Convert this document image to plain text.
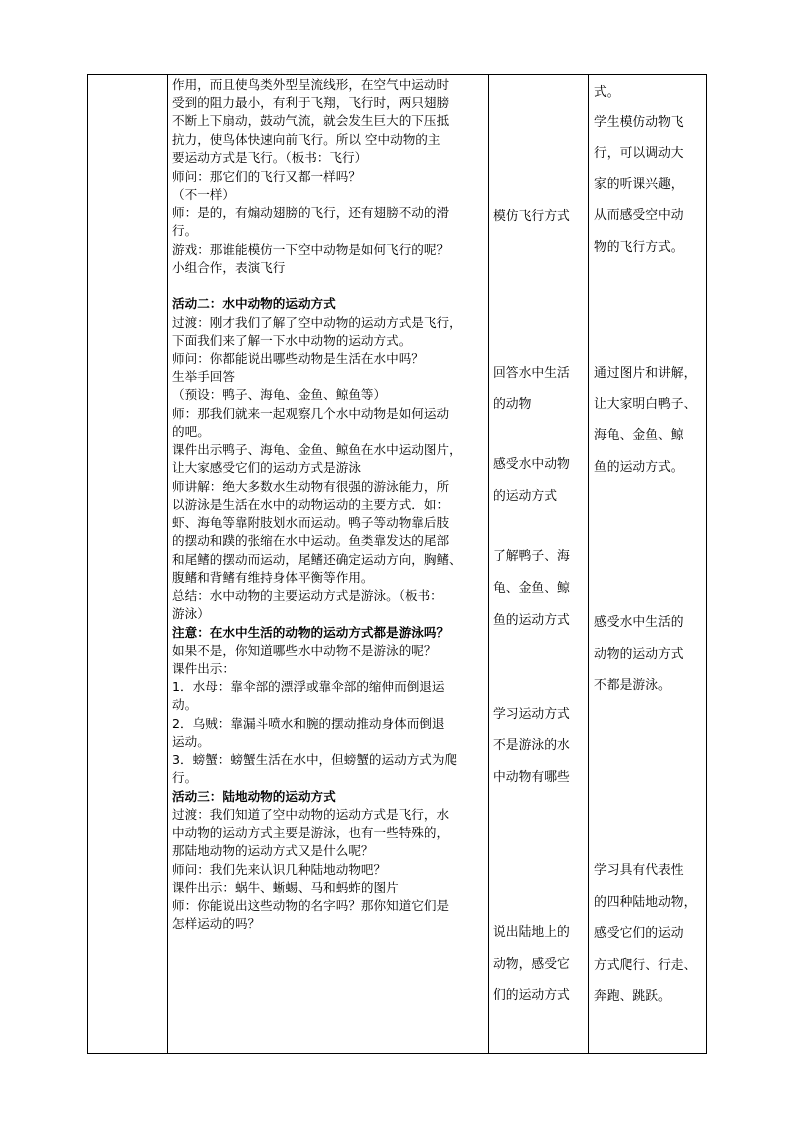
作用，而且使鸟类外型呈流线形，在空气中运动时
受到的阻力最小，有利于飞翔，飞行时，两只翅膀
不断上下扇动，鼓动气流，就会发生巨大的下压抵
抗力，使鸟体快速向前飞行。所以 空中动物的主
要运动方式是飞行。（板书：飞行）
师问：那它们的飞行又都一样吗？
（不一样）
师：是的，有煽动翅膀的飞行，还有翅膀不动的滑
行。
游戏：那谁能模仿一下空中动物是如何飞行的呢？
小组合作，表演飞行
活动二：水中动物的运动方式
过渡：刚才我们了解了空中动物的运动方式是飞行，
下面我们来了解一下水中动物的运动方式。
师问：你都能说出哪些动物是生活在水中吗？
生举手回答
（预设：鸭子、海龟、金鱼、鲸鱼等）
师：那我们就来一起观察几个水中动物是如何运动
的吧。
课件出示鸭子、海龟、金鱼、鲸鱼在水中运动图片，
让大家感受它们的运动方式是游泳
师讲解：绝大多数水生动物有很强的游泳能力，所
以游泳是生活在水中的动物运动的主要方式．如：
虾、海龟等靠附肢划水而运动。鸭子等动物靠后肢
的摆动和蹼的张缩在水中运动。鱼类靠发达的尾部
和尾鳍的摆动而运动，尾鳍还确定运动方向，胸鳍、
腹鳍和背鳍有维持身体平衡等作用。
总结：水中动物的主要运动方式是游泳。（板书：
游泳）
注意：在水中生活的动物的运动方式都是游泳吗？
如果不是，你知道哪些水中动物不是游泳的呢？
课件出示：
1．水母：靠伞部的漂浮或靠伞部的缩伸而倒退运
动。
2．乌贼：靠漏斗喷水和腕的摆动推动身体而倒退
运动。
3．螃蟹：螃蟹生活在水中，但螃蟹的运动方式为爬
行。
活动三：陆地动物的运动方式
过渡：我们知道了空中动物的运动方式是飞行，水
中动物的运动方式主要是游泳，也有一些特殊的，
那陆地动物的运动方式又是什么呢？
师问：我们先来认识几种陆地动物吧？
课件出示：蜗牛、蜥蜴、马和蚂蚱的图片
师：你能说出这些动物的名字吗？那你知道它们是
怎样运动的吗？
模仿飞行方式
回答水中生活
的动物
感受水中动物
的运动方式
了解鸭子、海
龟、金鱼、鲸
鱼的运动方式
学习运动方式
不是游泳的水
中动物有哪些
说出陆地上的
动物，感受它
们的运动方式
式。
学生模仿动物飞
行，可以调动大
家的听课兴趣，
从而感受空中动
物的飞行方式。
通过图片和讲解，
让大家明白鸭子、
海龟、金鱼、鲸
鱼的运动方式。
感受水中生活的
动物的运动方式
不都是游泳。
学习具有代表性
的四种陆地动物，
感受它们的运动
方式爬行、行走、
奔跑、跳跃。
